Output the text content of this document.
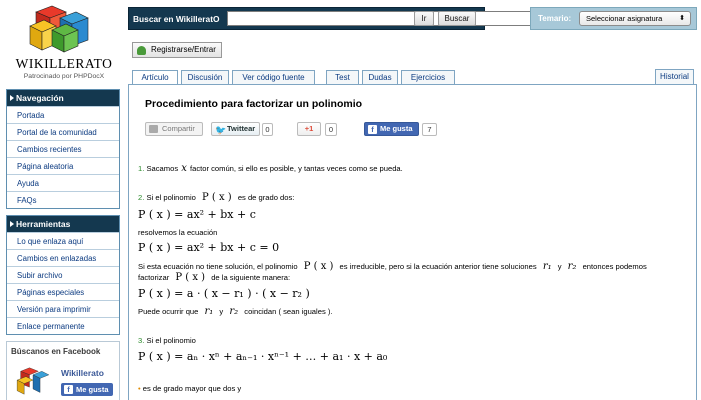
WIKILLERATO
Patrocinado por PHPDocX
Navegación
Portada
Portal de la comunidad
Cambios recientes
Página aleatoria
Ayuda
FAQs
Herramientas
Lo que enlaza aquí
Cambios en enlazadas
Subir archivo
Páginas especiales
Versión para imprimir
Enlace permanente
Búscanos en Facebook
Wikillerato
f Me gusta
Buscar en WikilleratO	Ir	Buscar	Temario:	Seleccionar asignatura ⬍
Registrarse/Entrar
Artículo	Discusión	Ver código fuente	Test	Dudas	Ejercicios	Historial
Procedimiento para factorizar un polinomio
Compartir	🐦 Twittear	0	+1	0	f Me gusta	7
1. Sacamos x factor común, si ello es posible, y tantas veces como se pueda.
2. Si el polinomio P ( x ) es de grado dos:
P ( x ) = ax² + bx + c
resolvemos la ecuación
P ( x ) = ax² + bx + c = 0
Si esta ecuación no tiene solución, el polinomio P ( x ) es irreducible, pero si la ecuación anterior tiene soluciones r₁ y r₂ entonces podemos
factorizar P ( x ) de la siguiente manera:
P ( x ) = a · ( x − r₁ ) · ( x − r₂ )
Puede ocurrir que r₁ y r₂ coincidan ( sean iguales ).
3. Si el polinomio
P ( x ) = aₙ · xⁿ + aₙ₋₁ · xⁿ⁻¹ + … + a₁ · x + a₀
• es de grado mayor que dos y
